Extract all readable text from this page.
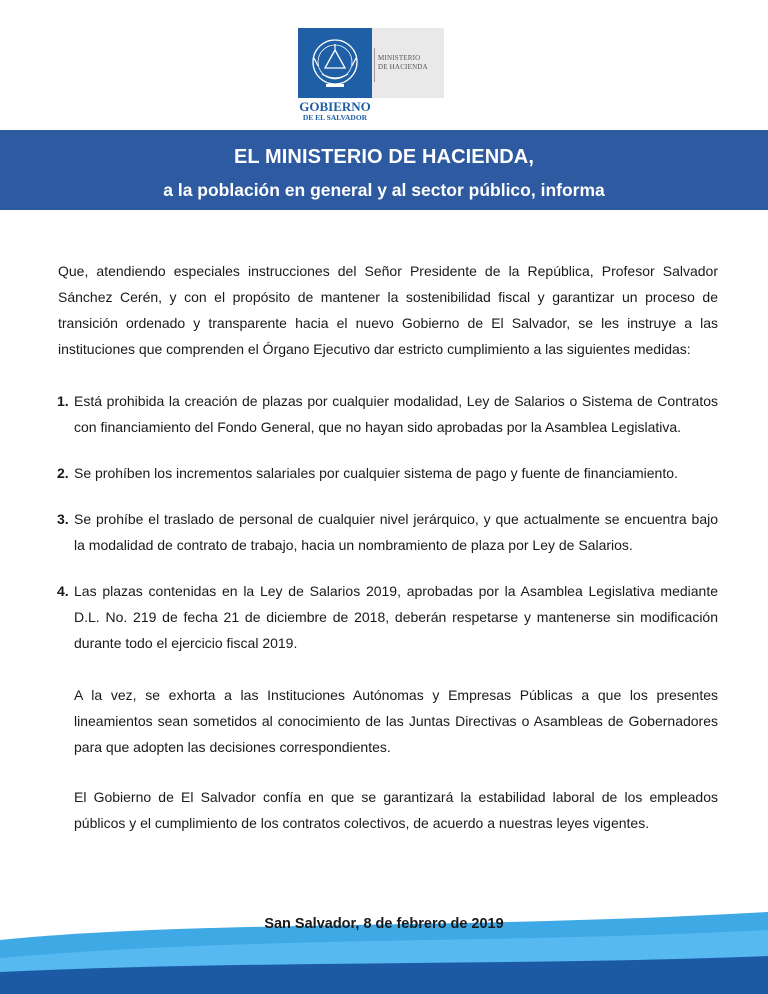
MINISTERIO
DE HACIENDA
GOBIERNO
DE EL SALVADOR
EL MINISTERIO DE HACIENDA,
a la población en general y al sector público, informa

Que, atendiendo especiales instrucciones del Señor Presidente de la República, Profesor Salvador Sánchez Cerén, y con el propósito de mantener la sostenibilidad fiscal y garantizar un proceso de transición ordenado y transparente hacia el nuevo Gobierno de El Salvador, se les instruye a las instituciones que comprenden el Órgano Ejecutivo dar estricto cumplimiento a las siguientes medidas:

1. Está prohibida la creación de plazas por cualquier modalidad, Ley de Salarios o Sistema de Contratos con financiamiento del Fondo General, que no hayan sido aprobadas por la Asamblea Legislativa.
2. Se prohíben los incrementos salariales por cualquier sistema de pago y fuente de financiamiento.
3. Se prohíbe el traslado de personal de cualquier nivel jerárquico, y que actualmente se encuentra bajo la modalidad de contrato de trabajo, hacia un nombramiento de plaza por Ley de Salarios.
4. Las plazas contenidas en la Ley de Salarios 2019, aprobadas por la Asamblea Legislativa mediante D.L. No. 219 de fecha 21 de diciembre de 2018, deberán respetarse y mantenerse sin modificación durante todo el ejercicio fiscal 2019.

A la vez, se exhorta a las Instituciones Autónomas y Empresas Públicas a que los presentes lineamientos sean sometidos al conocimiento de las Juntas Directivas o Asambleas de Gobernadores para que adopten las decisiones correspondientes.

El Gobierno de El Salvador confía en que se garantizará la estabilidad laboral de los empleados públicos y el cumplimiento de los contratos colectivos, de acuerdo a nuestras leyes vigentes.

San Salvador, 8 de febrero de 2019
